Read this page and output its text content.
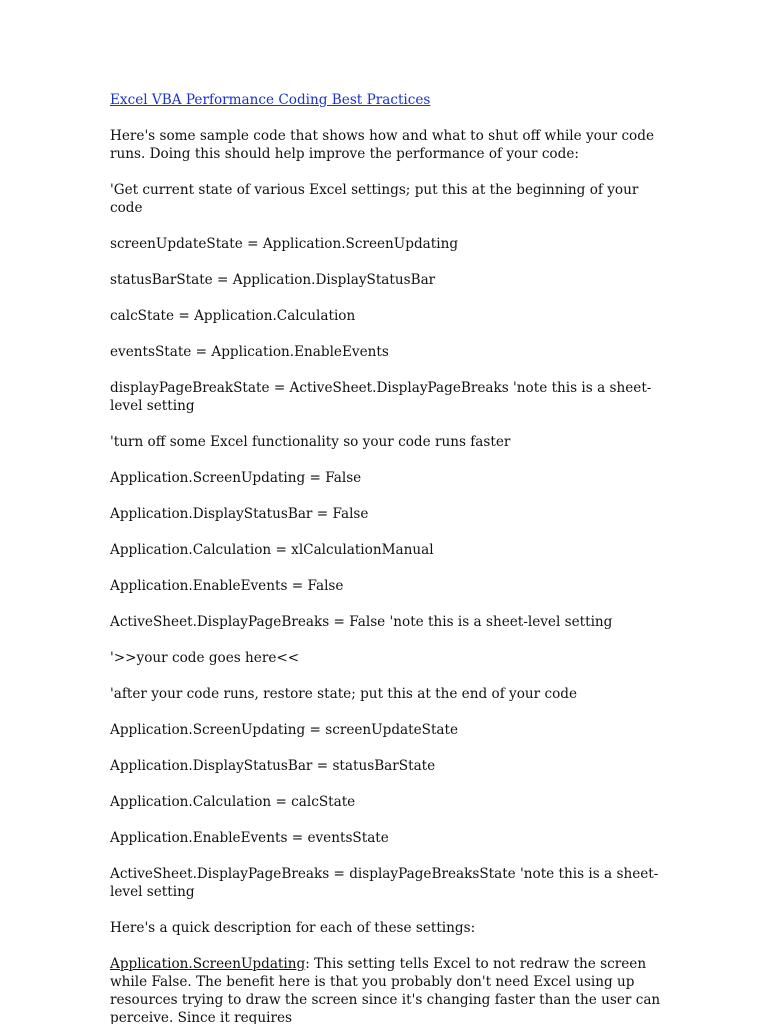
Excel VBA Performance Coding Best Practices

Here's some sample code that shows how and what to shut off while your code runs. Doing this should help improve the performance of your code:

'Get current state of various Excel settings; put this at the beginning of your code

screenUpdateState = Application.ScreenUpdating

statusBarState = Application.DisplayStatusBar

calcState = Application.Calculation

eventsState = Application.EnableEvents

displayPageBreakState = ActiveSheet.DisplayPageBreaks 'note this is a sheet-level setting

'turn off some Excel functionality so your code runs faster

Application.ScreenUpdating = False

Application.DisplayStatusBar = False

Application.Calculation = xlCalculationManual

Application.EnableEvents = False

ActiveSheet.DisplayPageBreaks = False 'note this is a sheet-level setting

'>>your code goes here<<

'after your code runs, restore state; put this at the end of your code

Application.ScreenUpdating = screenUpdateState

Application.DisplayStatusBar = statusBarState

Application.Calculation = calcState

Application.EnableEvents = eventsState

ActiveSheet.DisplayPageBreaks = displayPageBreaksState 'note this is a sheet-level setting

Here's a quick description for each of these settings:

Application.ScreenUpdating: This setting tells Excel to not redraw the screen while False. The benefit here is that you probably don't need Excel using up resources trying to draw the screen since it's changing faster than the user can perceive. Since it requires
